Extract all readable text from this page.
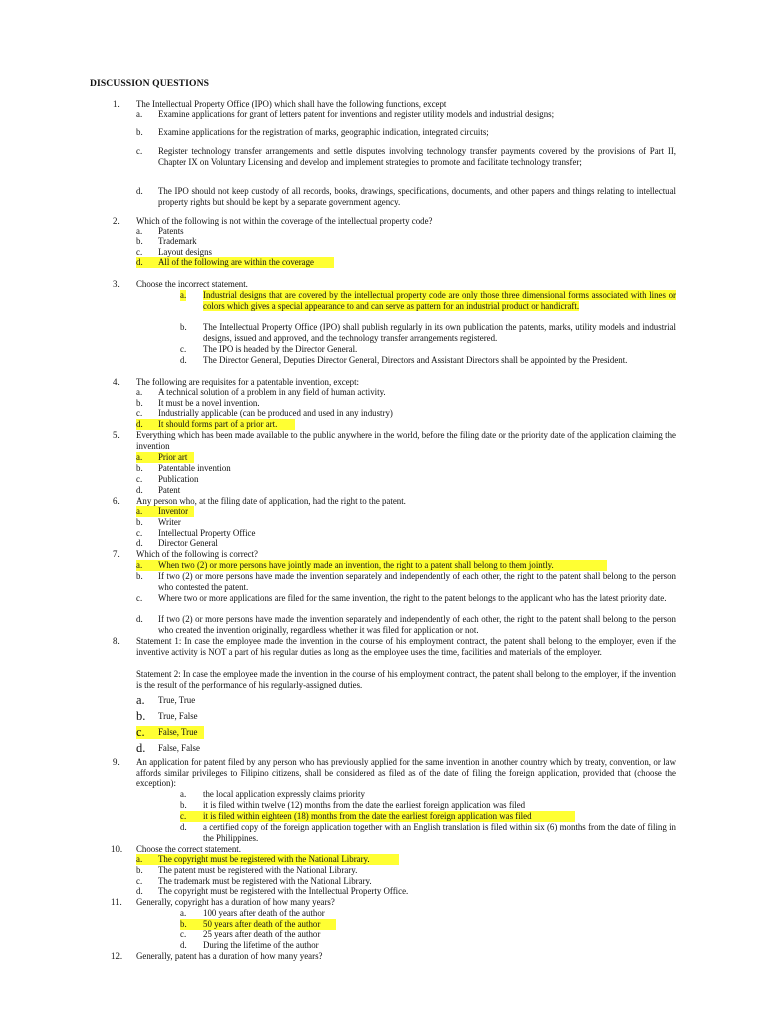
DISCUSSION QUESTIONS
1. The Intellectual Property Office (IPO) which shall have the following functions, except
a. Examine applications for grant of letters patent for inventions and register utility models and industrial designs;
b. Examine applications for the registration of marks, geographic indication, integrated circuits;
c. Register technology transfer arrangements and settle disputes involving technology transfer payments covered by the provisions of Part II, Chapter IX on Voluntary Licensing and develop and implement strategies to promote and facilitate technology transfer;
d. The IPO should not keep custody of all records, books, drawings, specifications, documents, and other papers and things relating to intellectual property rights but should be kept by a separate government agency.
2. Which of the following is not within the coverage of the intellectual property code?
a. Patents
b. Trademark
c. Layout designs
d. All of the following are within the coverage
3. Choose the incorrect statement.
a. Industrial designs that are covered by the intellectual property code are only those three dimensional forms associated with lines or colors which gives a special appearance to and can serve as pattern for an industrial product or handicraft.
b. The Intellectual Property Office (IPO) shall publish regularly in its own publication the patents, marks, utility models and industrial designs, issued and approved, and the technology transfer arrangements registered.
c. The IPO is headed by the Director General.
d. The Director General, Deputies Director General, Directors and Assistant Directors shall be appointed by the President.
4. The following are requisites for a patentable invention, except:
a. A technical solution of a problem in any field of human activity.
b. It must be a novel invention.
c. Industrially applicable (can be produced and used in any industry)
d. It should forms part of a prior art.
5. Everything which has been made available to the public anywhere in the world, before the filing date or the priority date of the application claiming the invention
a. Prior art
b. Patentable invention
c. Publication
d. Patent
6. Any person who, at the filing date of application, had the right to the patent.
a. Inventor
b. Writer
c. Intellectual Property Office
d. Director General
7. Which of the following is correct?
a. When two (2) or more persons have jointly made an invention, the right to a patent shall belong to them jointly.
b. If two (2) or more persons have made the invention separately and independently of each other, the right to the patent shall belong to the person who contested the patent.
c. Where two or more applications are filed for the same invention, the right to the patent belongs to the applicant who has the latest priority date.
d. If two (2) or more persons have made the invention separately and independently of each other, the right to the patent shall belong to the person who created the invention originally, regardless whether it was filed for application or not.
8. Statement 1: In case the employee made the invention in the course of his employment contract, the patent shall belong to the employer, even if the inventive activity is NOT a part of his regular duties as long as the employee uses the time, facilities and materials of the employer.
Statement 2: In case the employee made the invention in the course of his employment contract, the patent shall belong to the employer, if the invention is the result of the performance of his regularly-assigned duties.
a. True, True
b. True, False
c. False, True
d. False, False
9. An application for patent filed by any person who has previously applied for the same invention in another country which by treaty, convention, or law affords similar privileges to Filipino citizens, shall be considered as filed as of the date of filing the foreign application, provided that (choose the exception):
a. the local application expressly claims priority
b. it is filed within twelve (12) months from the date the earliest foreign application was filed
c. it is filed within eighteen (18) months from the date the earliest foreign application was filed
d. a certified copy of the foreign application together with an English translation is filed within six (6) months from the date of filing in the Philippines.
10. Choose the correct statement.
a. The copyright must be registered with the National Library.
b. The patent must be registered with the National Library.
c. The trademark must be registered with the National Library.
d. The copyright must be registered with the Intellectual Property Office.
11. Generally, copyright has a duration of how many years?
a. 100 years after death of the author
b. 50 years after death of the author
c. 25 years after death of the author
d. During the lifetime of the author
12. Generally, patent has a duration of how many years?
